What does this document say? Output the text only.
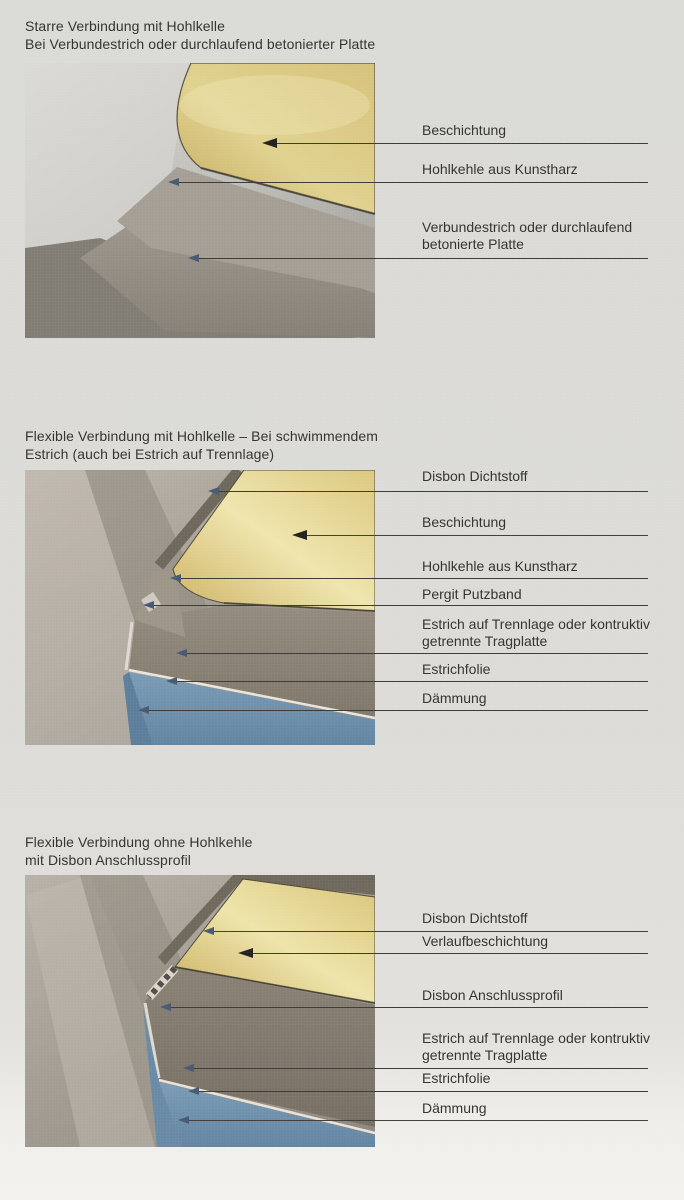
Starre Verbindung mit Hohlkelle
Bei Verbundestrich oder durchlaufend betonierter Platte
Beschichtung
Hohlkehle aus Kunstharz
Verbundestrich oder durchlaufend betonierte Platte
Flexible Verbindung mit Hohlkelle – Bei schwimmendem
Estrich (auch bei Estrich auf Trennlage)
Disbon Dichtstoff
Beschichtung
Hohlkehle aus Kunstharz
Pergit Putzband
Estrich auf Trennlage oder kontruktiv getrennte Tragplatte
Estrichfolie
Dämmung
Flexible Verbindung ohne Hohlkehle
mit Disbon Anschlussprofil
Disbon Dichtstoff
Verlaufbeschichtung
Disbon Anschlussprofil
Estrich auf Trennlage oder kontruktiv getrennte Tragplatte
Estrichfolie
Dämmung
